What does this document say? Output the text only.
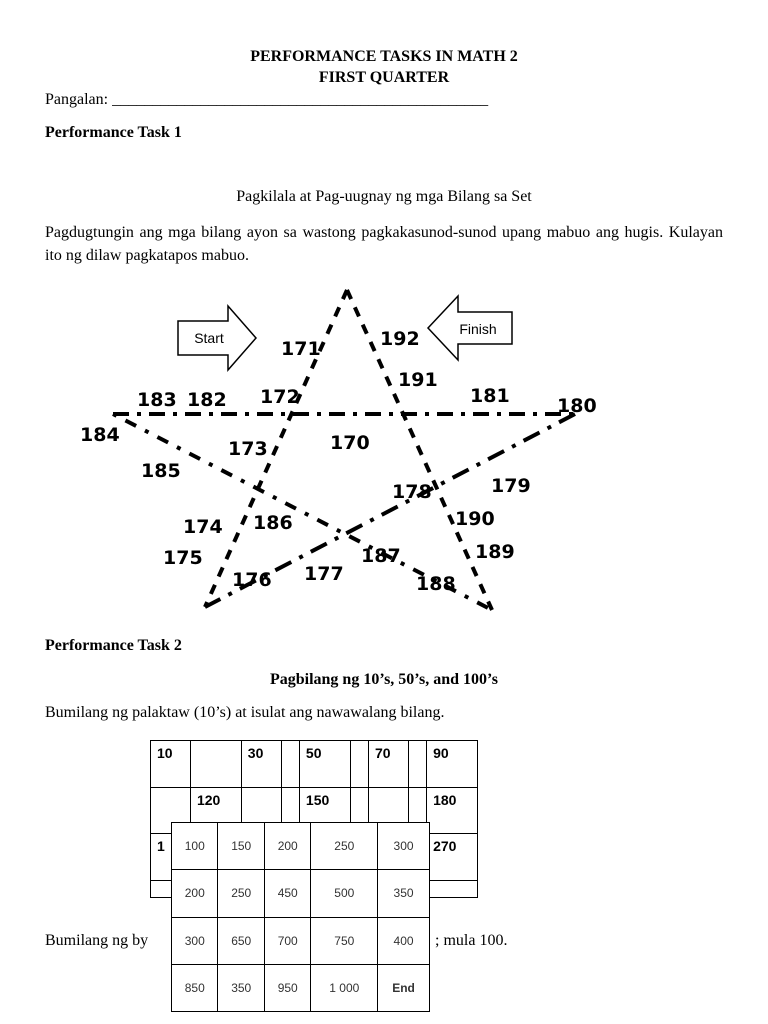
PERFORMANCE TASKS IN MATH 2
FIRST QUARTER
Pangalan: _______________________________________________
Performance Task 1
Pagkilala at Pag-uugnay ng mga Bilang sa Set
Pagdugtungin ang mga bilang ayon sa wastong pagkakasunod-sunod upang mabuo ang hugis. Kulayan ito ng dilaw pagkatapos mabuo.
Start
Finish
171	192
191
183 182 172	181 180
184
173	170
185
178	179
174 186	190
175	187	189
176 177	188
Performance Task 2
Pagbilang ng 10’s, 50’s, and 100’s
Bumilang ng palaktaw (10’s) at isulat ang nawawalang bilang.
10		30		50		70		90
	120			150				180
1								270

Bumilang ng by	; mula 100.
100	150	200	250	300
200	250	450	500	350
300	650	700	750	400
850	350	950	1 000	End
